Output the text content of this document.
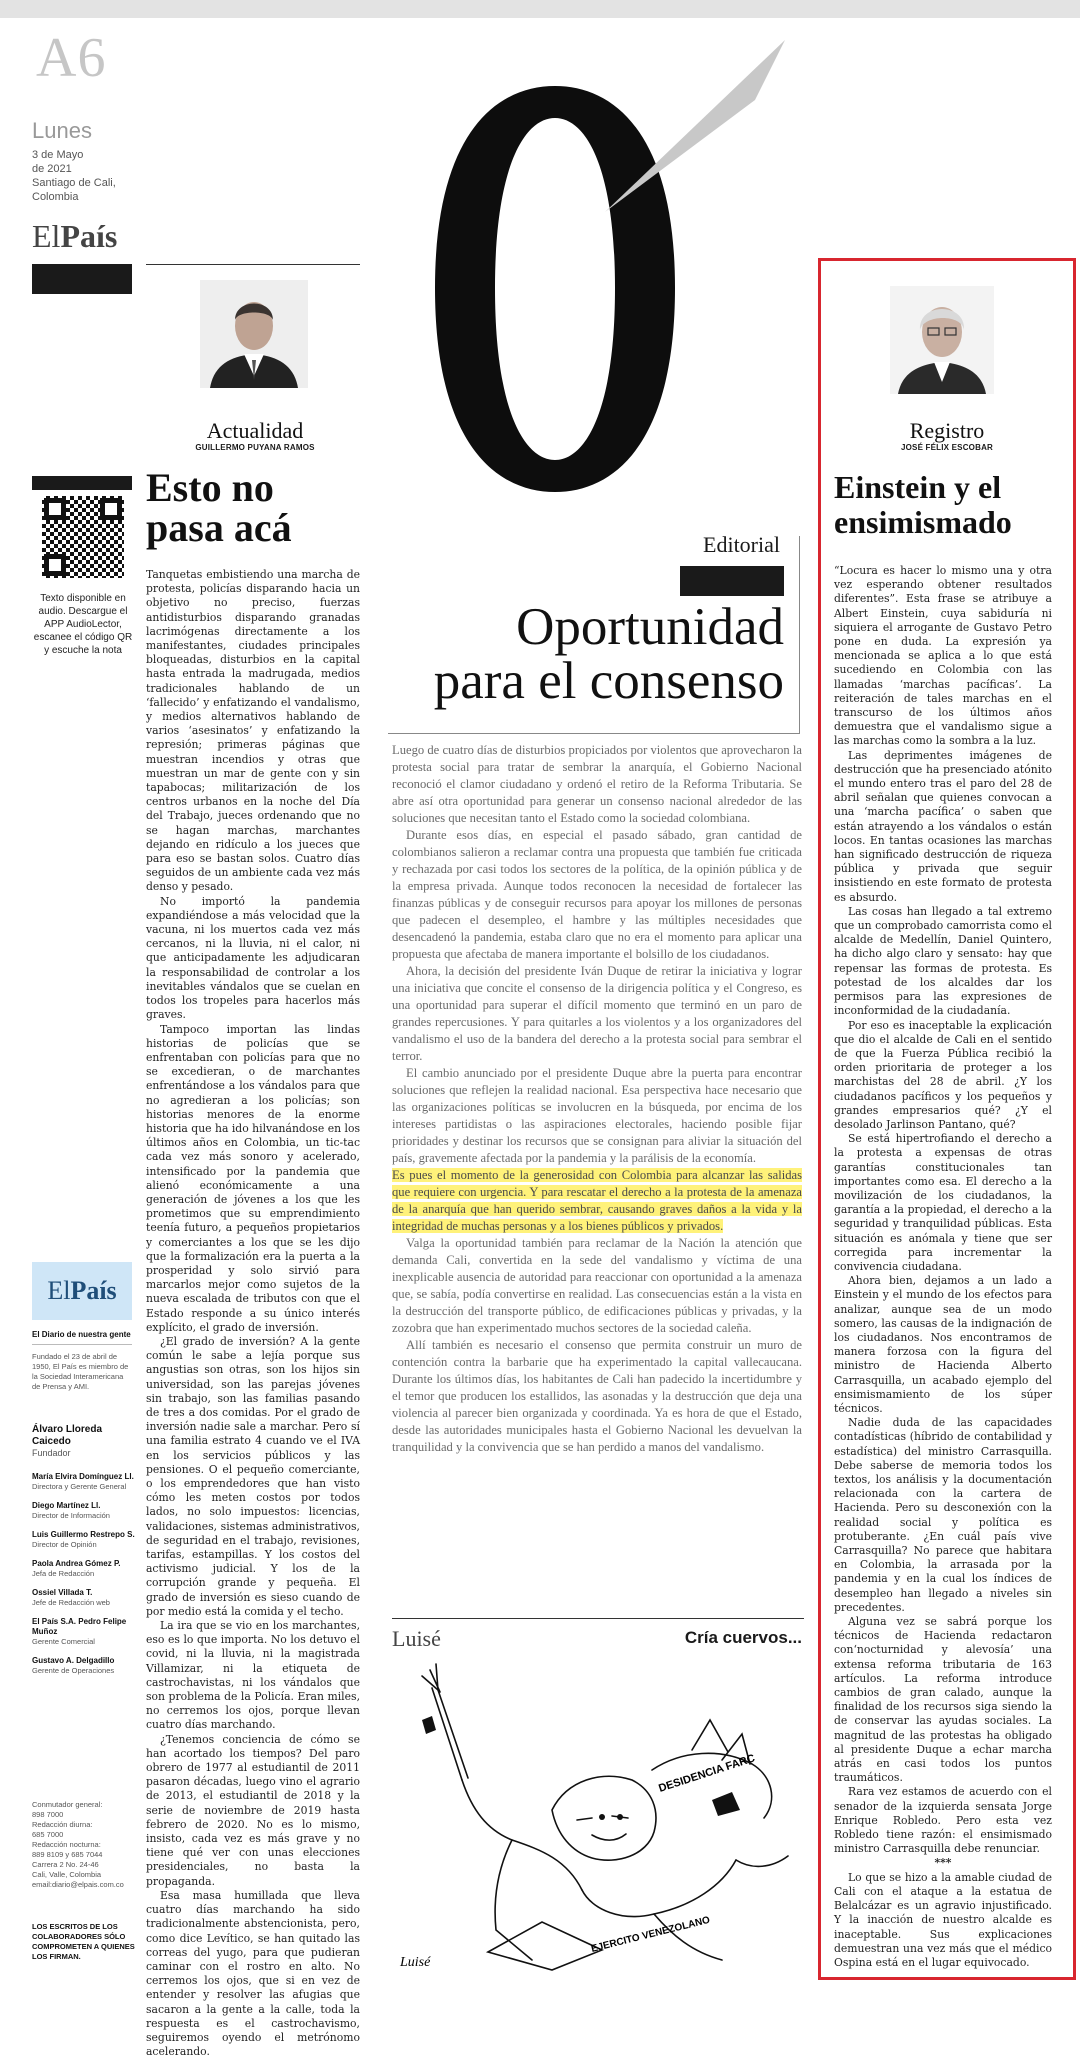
A6
Lunes
3 de Mayo
de 2021
Santiago de Cali,
Colombia
ElPaís
Actualidad
GUILLERMO PUYANA RAMOS
Texto disponible en audio. Descargue el APP AudioLector, escanee el código QR y escuche la nota
Esto no
pasa acá

Tanquetas embistiendo una marcha de protesta, policías disparando hacia un objetivo no preciso, fuerzas antidisturbios disparando granadas lacrimógenas directamente a los manifestantes, ciudades principales bloqueadas, disturbios en la capital hasta entrada la madrugada, medios tradicionales hablando de un ‘fallecido’ y enfatizando el vandalismo, y medios alternativos hablando de varios ‘asesinatos’ y enfatizando la represión; primeras páginas que muestran incendios y otras que muestran un mar de gente con y sin tapabocas; militarización de los centros urbanos en la noche del Día del Trabajo, jueces ordenando que no se hagan marchas, marchantes dejando en ridículo a los jueces que para eso se bastan solos. Cuatro días seguidos de un ambiente cada vez más denso y pesado.

No importó la pandemia expandiéndose a más velocidad que la vacuna, ni los muertos cada vez más cercanos, ni la lluvia, ni el calor, ni que anticipadamente les adjudicaran la responsabilidad de controlar a los inevitables vándalos que se cuelan en todos los tropeles para hacerlos más graves.

Tampoco importan las lindas historias de policías que se enfrentaban con policías para que no se excedieran, o de marchantes enfrentándose a los vándalos para que no agredieran a los policías; son historias menores de la enorme historia que ha ido hilvanándose en los últimos años en Colombia, un tic-tac cada vez más sonoro y acelerado, intensificado por la pandemia que alienó económicamente a una generación de jóvenes a los que les prometimos que su emprendimiento teenía futuro, a pequeños propietarios y comerciantes a los que se les dijo que la formalización era la puerta a la prosperidad y solo sirvió para marcarlos mejor como sujetos de la nueva escalada de tributos con que el Estado responde a su único interés explícito, el grado de inversión.

¿El grado de inversión? A la gente común le sabe a lejía porque sus angustias son otras, son los hijos sin universidad, son las parejas jóvenes sin trabajo, son las familias pasando de tres a dos comidas. Por el grado de inversión nadie sale a marchar. Pero sí una familia estrato 4 cuando ve el IVA en los servicios públicos y las pensiones. O el pequeño comerciante, o los emprendedores que han visto cómo les meten costos por todos lados, no solo impuestos: licencias, validaciones, sistemas administrativos, de seguridad en el trabajo, revisiones, tarifas, estampillas. Y los costos del activismo judicial. Y los de la corrupción grande y pequeña. El grado de inversión es sieso cuando de por medio está la comida y el techo.

La ira que se vio en los marchantes, eso es lo que importa. No los detuvo el covid, ni la lluvia, ni la magistrada Villamizar, ni la etiqueta de castrochavistas, ni los vándalos que son problema de la Policía. Eran miles, no cerremos los ojos, porque llevan cuatro días marchando.

¿Tenemos conciencia de cómo se han acortado los tiempos? Del paro obrero de 1977 al estudiantil de 2011 pasaron décadas, luego vino el agrario de 2013, el estudiantil de 2018 y la serie de noviembre de 2019 hasta febrero de 2020. No es lo mismo, insisto, cada vez es más grave y no tiene qué ver con unas elecciones presidenciales, no basta la propaganda.

Esa masa humillada que lleva cuatro días marchando ha sido tradicionalmente abstencionista, pero, como dice Levítico, se han quitado las correas del yugo, para que pudieran caminar con el rostro en alto. No cerremos los ojos, que si en vez de entender y resolver las afugias que sacaron a la gente a la calle, toda la respuesta es el castrochavismo, seguiremos oyendo el metrónomo acelerando.

ElPaís
El Diario de nuestra gente
Fundado el 23 de abril de 1950, El País es miembro de la Sociedad Interamericana de Prensa y AMI.
Álvaro Lloreda Caicedo
Fundador
María Elvira Domínguez Ll.
Directora y Gerente General
Diego Martínez Ll.
Director de Información
Luis Guillermo Restrepo S.
Director de Opinión
Paola Andrea Gómez P.
Jefa de Redacción
Ossiel Villada T.
Jefe de Redacción web
El País S.A. Pedro Felipe Muñoz
Gerente Comercial
Gustavo A. Delgadillo
Gerente de Operaciones
Conmutador general:
898 7000
Redacción diurna:
685 7000
Redacción nocturna:
889 8109 y 685 7044
Carrera 2 No. 24-46
Cali, Valle, Colombia
email:diario@elpais.com.co
LOS ESCRITOS DE LOS COLABORADORES SÓLO COMPROMETEN A QUIENES LOS FIRMAN.
Editorial
Oportunidad
para el consenso

Luego de cuatro días de disturbios propiciados por violentos que aprovecharon la protesta social para tratar de sembrar la anarquía, el Gobierno Nacional reconoció el clamor ciudadano y ordenó el retiro de la Reforma Tributaria. Se abre así otra oportunidad para generar un consenso nacional alrededor de las soluciones que necesitan tanto el Estado como la sociedad colombiana.

Durante esos días, en especial el pasado sábado, gran cantidad de colombianos salieron a reclamar contra una propuesta que también fue criticada y rechazada por casi todos los sectores de la política, de la opinión pública y de la empresa privada. Aunque todos reconocen la necesidad de fortalecer las finanzas públicas y de conseguir recursos para apoyar los millones de personas que padecen el desempleo, el hambre y las múltiples necesidades que desencadenó la pandemia, estaba claro que no era el momento para aplicar una propuesta que afectaba de manera importante el bolsillo de los ciudadanos.

Ahora, la decisión del presidente Iván Duque de retirar la iniciativa y lograr una iniciativa que concite el consenso de la dirigencia política y el Congreso, es una oportunidad para superar el difícil momento que terminó en un paro de grandes repercusiones. Y para quitarles a los violentos y a los organizadores del vandalismo el uso de la bandera del derecho a la protesta social para sembrar el terror.

El cambio anunciado por el presidente Duque abre la puerta para encontrar soluciones que reflejen la realidad nacional. Esa perspectiva hace necesario que las organizaciones políticas se involucren en la búsqueda, por encima de los intereses partidistas o las aspiraciones electorales, haciendo posible fijar prioridades y destinar los recursos que se consignan para aliviar la situación del país, gravemente afectada por la pandemia y la parálisis de la economía.

Es pues el momento de la generosidad con Colombia para alcanzar las salidas que requiere con urgencia. Y para rescatar el derecho a la protesta de la amenaza de la anarquía que han querido sembrar, causando graves daños a la vida y la integridad de muchas personas y a los bienes públicos y privados.

Valga la oportunidad también para reclamar de la Nación la atención que demanda Cali, convertida en la sede del vandalismo y víctima de una inexplicable ausencia de autoridad para reaccionar con oportunidad a la amenaza que, se sabía, podía convertirse en realidad. Las consecuencias están a la vista en la destrucción del transporte público, de edificaciones públicas y privadas, y la zozobra que han experimentado muchos sectores de la sociedad caleña.

Allí también es necesario el consenso que permita construir un muro de contención contra la barbarie que ha experimentado la capital vallecaucana. Durante los últimos días, los habitantes de Cali han padecido la incertidumbre y el temor que producen los estallidos, las asonadas y la destrucción que deja una violencia al parecer bien organizada y coordinada. Ya es hora de que el Estado, desde las autoridades municipales hasta el Gobierno Nacional les devuelvan la tranquilidad y la convivencia que se han perdido a manos del vandalismo.

Luisé	Cría cuervos...
DESIDENCIA FARC
EJERCITO VENEZOLANO
Luisé
Registro
JOSÉ FÉLIX ESCOBAR
Einstein y el
ensimismado

“Locura es hacer lo mismo una y otra vez esperando obtener resultados diferentes”. Esta frase se atribuye a Albert Einstein, cuya sabiduría ni siquiera el arrogante de Gustavo Petro pone en duda. La expresión ya mencionada se aplica a lo que está sucediendo en Colombia con las llamadas ‘marchas pacíficas’. La reiteración de tales marchas en el transcurso de los últimos años demuestra que el vandalismo sigue a las marchas como la sombra a la luz.

Las deprimentes imágenes de destrucción que ha presenciado atónito el mundo entero tras el paro del 28 de abril señalan que quienes convocan a una ‘marcha pacífica’ o saben que están atrayendo a los vándalos o están locos. En tantas ocasiones las marchas han significado destrucción de riqueza pública y privada que seguir insistiendo en este formato de protesta es absurdo.

Las cosas han llegado a tal extremo que un comprobado camorrista como el alcalde de Medellín, Daniel Quintero, ha dicho algo claro y sensato: hay que repensar las formas de protesta. Es potestad de los alcaldes dar los permisos para las expresiones de inconformidad de la ciudadanía.

Por eso es inaceptable la explicación que dio el alcalde de Cali en el sentido de que la Fuerza Pública recibió la orden prioritaria de proteger a los marchistas del 28 de abril. ¿Y los ciudadanos pacíficos y los pequeños y grandes empresarios qué? ¿Y el desolado Jarlinson Pantano, qué?

Se está hipertrofiando el derecho a la protesta a expensas de otras garantías constitucionales tan importantes como esa. El derecho a la movilización de los ciudadanos, la garantía a la propiedad, el derecho a la seguridad y tranquilidad públicas. Esta situación es anómala y tiene que ser corregida para incrementar la convivencia ciudadana.

Ahora bien, dejamos a un lado a Einstein y el mundo de los efectos para analizar, aunque sea de un modo somero, las causas de la indignación de los ciudadanos. Nos encontramos de manera forzosa con la figura del ministro de Hacienda Alberto Carrasquilla, un acabado ejemplo del ensimismamiento de los súper técnicos.

Nadie duda de las capacidades contadísticas (híbrido de contabilidad y estadística) del ministro Carrasquilla. Debe saberse de memoria todos los textos, los análisis y la documentación relacionada con la cartera de Hacienda. Pero su desconexión con la realidad social y política es protuberante. ¿En cuál país vive Carrasquilla? No parece que habitara en Colombia, la arrasada por la pandemia y en la cual los índices de desempleo han llegado a niveles sin precedentes.

Alguna vez se sabrá porque los técnicos de Hacienda redactaron con‘nocturnidad y alevosía’ una extensa reforma tributaria de 163 artículos. La reforma introduce cambios de gran calado, aunque la finalidad de los recursos siga siendo la de conservar las ayudas sociales. La magnitud de las protestas ha obligado al presidente Duque a echar marcha atrás en casi todos los puntos traumáticos.

Rara vez estamos de acuerdo con el senador de la izquierda sensata Jorge Enrique Robledo. Pero esta vez Robledo tiene razón: el ensimismado ministro Carrasquilla debe renunciar.

***

Lo que se hizo a la amable ciudad de Cali con el ataque a la estatua de Belalcázar es un agravio injustificado. Y la inacción de nuestro alcalde es inaceptable. Sus explicaciones demuestran una vez más que el médico Ospina está en el lugar equivocado.
